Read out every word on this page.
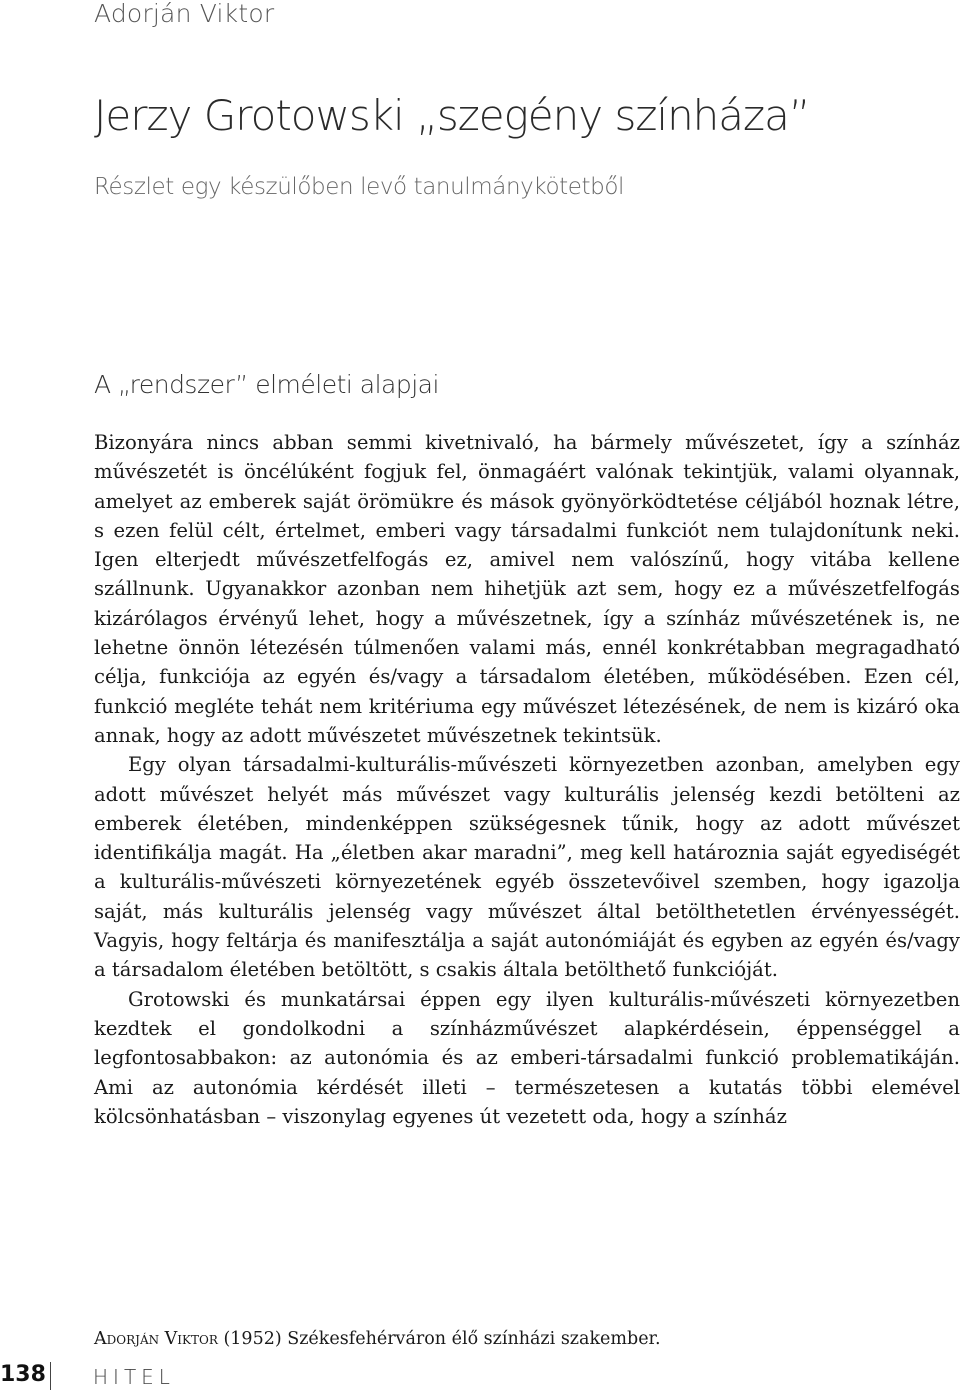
Adorján Viktor
Jerzy Grotowski „szegény színháza”
Részlet egy készülőben levő tanulmánykötetből
A „rendszer” elméleti alapjai

Bizonyára nincs abban semmi kivetnivaló, ha bármely művészetet, így a színház művészetét is öncélúként fogjuk fel, önmagáért valónak tekintjük, valami olyannak, amelyet az emberek saját örömükre és mások gyönyörködtetése céljából hoznak létre, s ezen felül célt, értelmet, emberi vagy társadalmi funkciót nem tulajdonítunk neki. Igen elterjedt művészetfelfogás ez, amivel nem valószínű, hogy vitába kellene szállnunk. Ugyanakkor azonban nem hihetjük azt sem, hogy ez a művészetfelfogás kizárólagos érvényű lehet, hogy a művészetnek, így a színház művészetének is, ne lehetne önnön létezésén túlmenően valami más, ennél konkrétabban megragadható célja, funkciója az egyén és/vagy a társadalom életében, működésében. Ezen cél, funkció megléte tehát nem kritériuma egy művészet létezésének, de nem is kizáró oka annak, hogy az adott művészetet művészetnek tekintsük.

Egy olyan társadalmi-kulturális-művészeti környezetben azonban, amelyben egy adott művészet helyét más művészet vagy kulturális jelenség kezdi betölteni az emberek életében, mindenképpen szükségesnek tűnik, hogy az adott művészet identifikálja magát. Ha „életben akar maradni”, meg kell határoznia saját egyediségét a kulturális-művészeti környezetének egyéb összetevőivel szemben, hogy igazolja saját, más kulturális jelenség vagy művészet által betölthetetlen érvényességét. Vagyis, hogy feltárja és manifesztálja a saját autonómiáját és egyben az egyén és/vagy a társadalom életében betöltött, s csakis általa betölthető funkcióját.

Grotowski és munkatársai éppen egy ilyen kulturális-művészeti környezetben kezdtek el gondolkodni a színházművészet alapkérdésein, éppenséggel a legfontosabbakon: az autonómia és az emberi-társadalmi funkció problematikáján. Ami az autonómia kérdését illeti – természetesen a kutatás többi elemével kölcsönhatásban – viszonylag egyenes út vezetett oda, hogy a színház

Adorján Viktor (1952) Székesfehérváron élő színházi szakember.
138 HITEL
